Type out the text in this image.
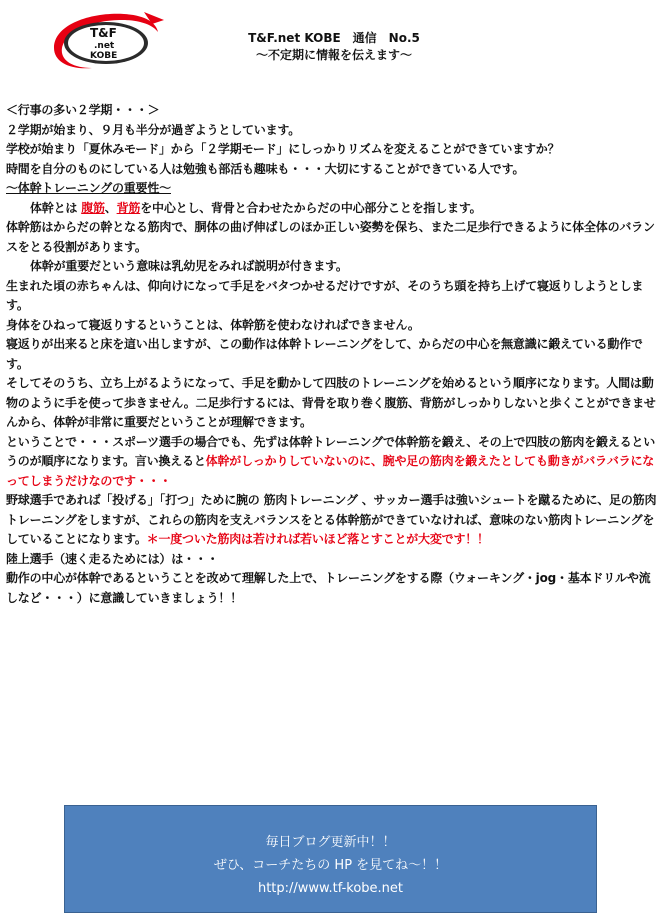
T&F
.net
KOBE
T&F.net KOBE　通信　No.5
～不定期に情報を伝えます～

＜行事の多い２学期・・・＞

２学期が始まり、９月も半分が過ぎようとしています。

学校が始まり「夏休みモード」から「２学期モード」にしっかりリズムを変えることができていますか？

時間を自分のものにしている人は勉強も部活も趣味も・・・大切にすることができている人です。

～体幹トレーニングの重要性～

体幹とは 腹筋、背筋を中心とし、背骨と合わせたからだの中心部分ことを指します。

体幹筋はからだの幹となる筋肉で、胴体の曲げ伸ばしのほか正しい姿勢を保ち、また二足歩行できるように体全体のバランスをとる役割があります。

体幹が重要だという意味は乳幼児をみれば説明が付きます。

生まれた頃の赤ちゃんは、仰向けになって手足をバタつかせるだけですが、そのうち頭を持ち上げて寝返りしようとします。

身体をひねって寝返りするということは、体幹筋を使わなければできません。

寝返りが出来ると床を這い出しますが、この動作は体幹トレーニングをして、からだの中心を無意識に鍛えている動作です。

そしてそのうち、立ち上がるようになって、手足を動かして四肢のトレーニングを始めるという順序になります。人間は動物のように手を使って歩きません。二足歩行するには、背骨を取り巻く腹筋、背筋がしっかりしないと歩くことができませんから、体幹が非常に重要だということが理解できます。

ということで・・・スポーツ選手の場合でも、先ずは体幹トレーニングで体幹筋を鍛え、その上で四肢の筋肉を鍛えるというのが順序になります。言い換えると体幹がしっかりしていないのに、腕や足の筋肉を鍛えたとしても動きがバラバラになってしまうだけなのです・・・

野球選手であれば「投げる」「打つ」ために腕の 筋肉トレーニング 、サッカー選手は強いシュートを蹴るために、足の筋肉トレーニングをしますが、これらの筋肉を支えバランスをとる体幹筋ができていなければ、意味のない筋肉トレーニングをしていることになります。＊一度ついた筋肉は若ければ若いほど落とすことが大変です！！

陸上選手（速く走るためには）は・・・

動作の中心が体幹であるということを改めて理解した上で、トレーニングをする際（ウォーキング・jog・基本ドリルや流しなど・・・）に意識していきましょう！！

毎日ブログ更新中！！
ぜひ、コーチたちの HP を見てね～！！
http://www.tf-kobe.net
